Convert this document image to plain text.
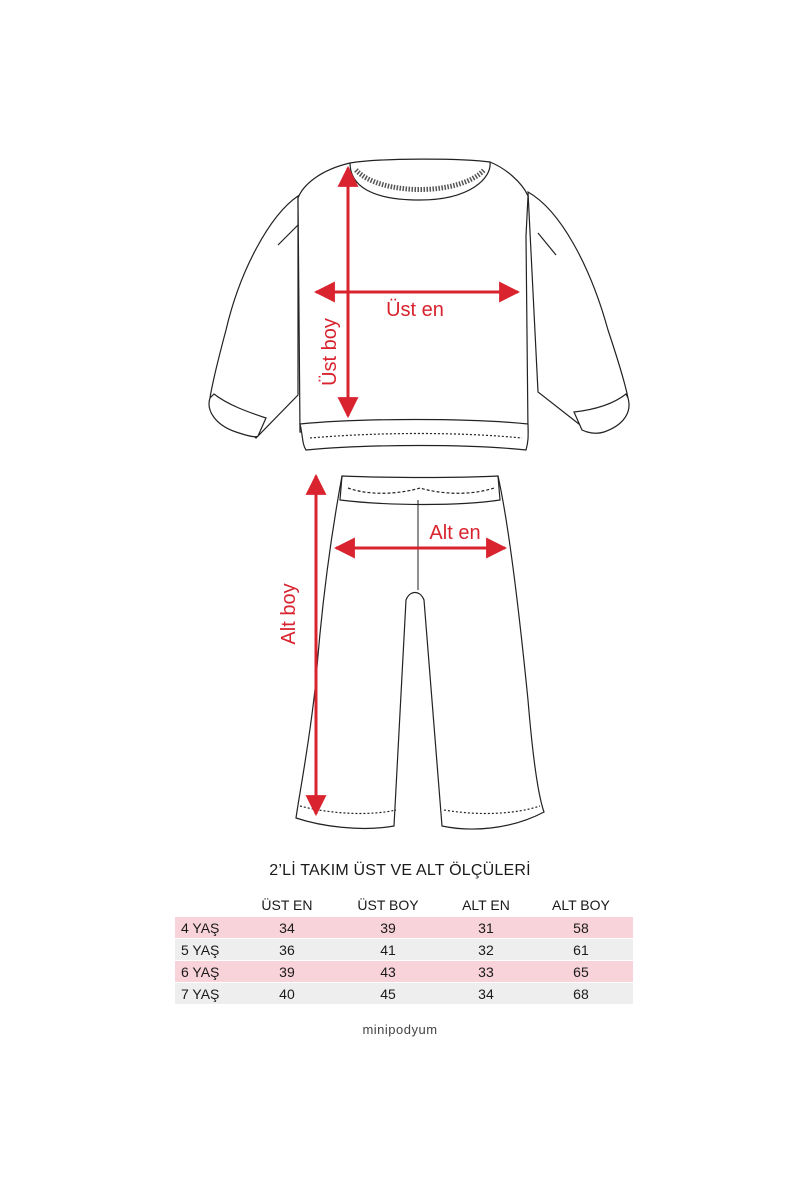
Üst en
Üst boy
Alt en
Alt boy
2’Lİ TAKIM ÜST VE ALT ÖLÇÜLERİ
	ÜST EN	ÜST BOY	ALT EN	ALT BOY
4 YAŞ	34	39	31	58
5 YAŞ	36	41	32	61
6 YAŞ	39	43	33	65
7 YAŞ	40	45	34	68
minipodyum
